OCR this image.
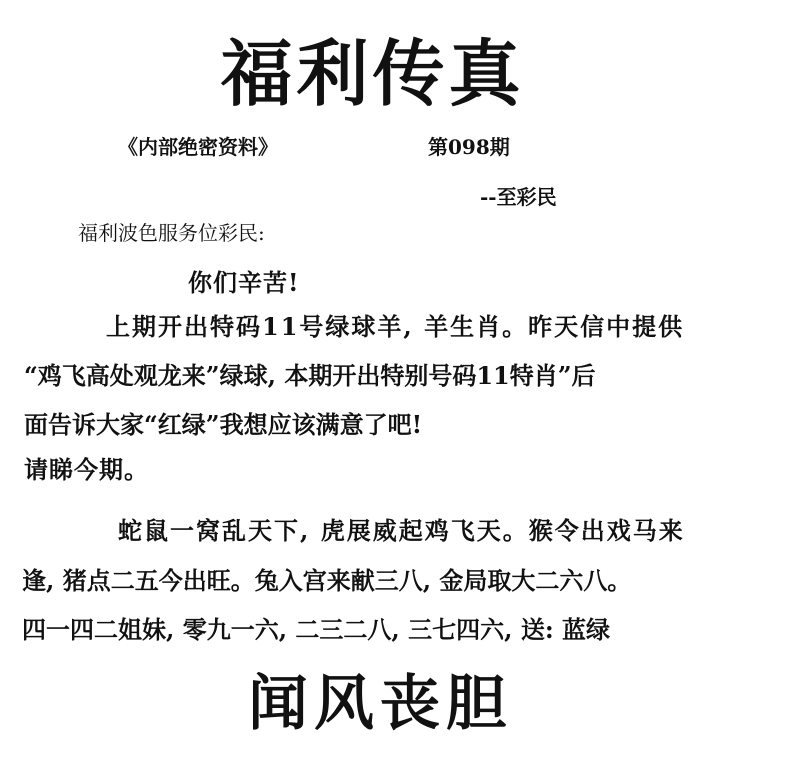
福利传真
《内部绝密资料》	第098期
--至彩民
福利波色服务位彩民:
你们辛苦!
上期开出特码11号绿球羊, 羊生肖。昨天信中提供
“鸡飞高处观龙来”绿球, 本期开出特别号码11特肖”后
面告诉大家“红绿”我想应该满意了吧!
请睇今期。
蛇鼠一窝乱天下, 虎展威起鸡飞天。猴令出戏马来
逢, 猪点二五今出旺。兔入宫来献三八, 金局取大二六八。
四一四二姐妹, 零九一六, 二三二八, 三七四六, 送: 蓝绿
闻风丧胆
